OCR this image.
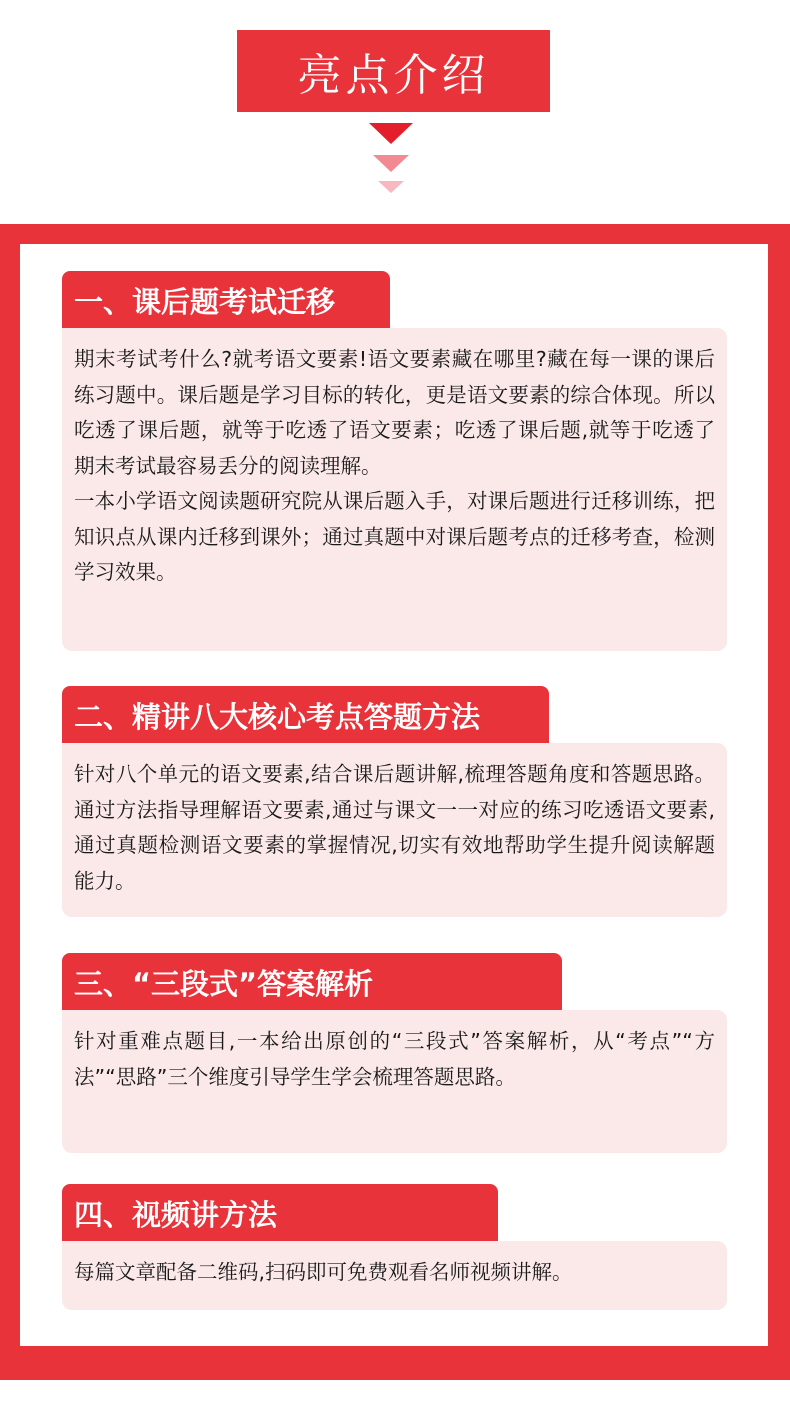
亮点介绍
一、课后题考试迁移

期末考试考什么?就考语文要素!语文要素藏在哪里?藏在每一课的课后练习题中。课后题是学习目标的转化，更是语文要素的综合体现。所以吃透了课后题，就等于吃透了语文要素；吃透了课后题,就等于吃透了期末考试最容易丢分的阅读理解。

一本小学语文阅读题研究院从课后题入手，对课后题进行迁移训练，把知识点从课内迁移到课外；通过真题中对课后题考点的迁移考查，检测学习效果。

二、精讲八大核心考点答题方法

针对八个单元的语文要素,结合课后题讲解,梳理答题角度和答题思路。通过方法指导理解语文要素,通过与课文一一对应的练习吃透语文要素,通过真题检测语文要素的掌握情况,切实有效地帮助学生提升阅读解题能力。

三、“三段式”答案解析

针对重难点题目,一本给出原创的“三段式”答案解析，从“考点”“方法”“思路”三个维度引导学生学会梳理答题思路。

四、视频讲方法

每篇文章配备二维码,扫码即可免费观看名师视频讲解。
